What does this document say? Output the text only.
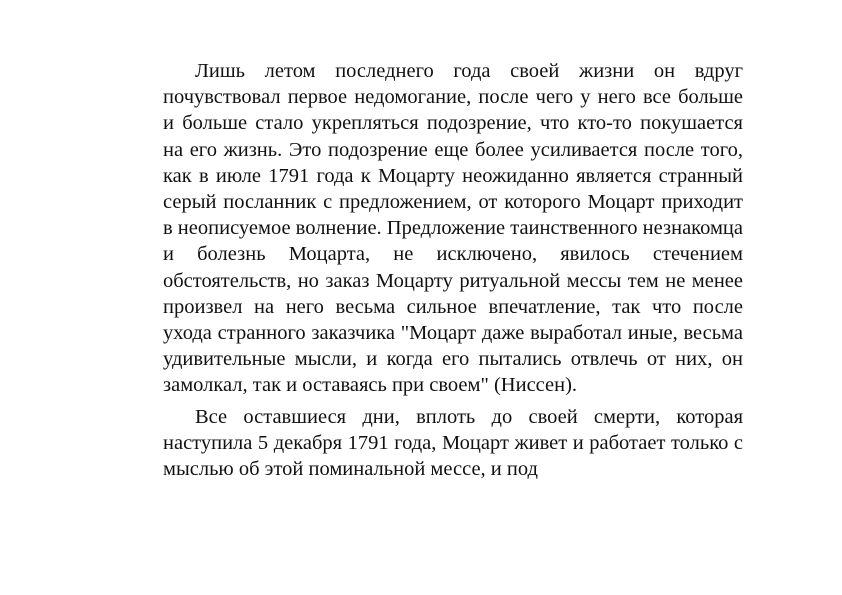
Лишь летом последнего года своей жизни он вдруг почувствовал первое недомогание, после чего у него все больше и больше стало укрепляться подозрение, что кто-то покушается на его жизнь. Это подозрение еще более усиливается после того, как в июле 1791 года к Моцарту неожиданно является странный серый посланник с предложением, от которого Моцарт приходит в неописуемое волнение. Предложение таинственного незнакомца и болезнь Моцарта, не исключено, явилось стечением обстоятельств, но заказ Моцарту ритуальной мессы тем не менее произвел на него весьма сильное впечатление, так что после ухода странного заказчика "Моцарт даже выработал иные, весьма удивительные мысли, и когда его пытались отвлечь от них, он замолкал, так и оставаясь при своем" (Ниссен).

Все оставшиеся дни, вплоть до своей смерти, которая наступила 5 декабря 1791 года, Моцарт живет и работает только с мыслью об этой поминальной мессе, и под
